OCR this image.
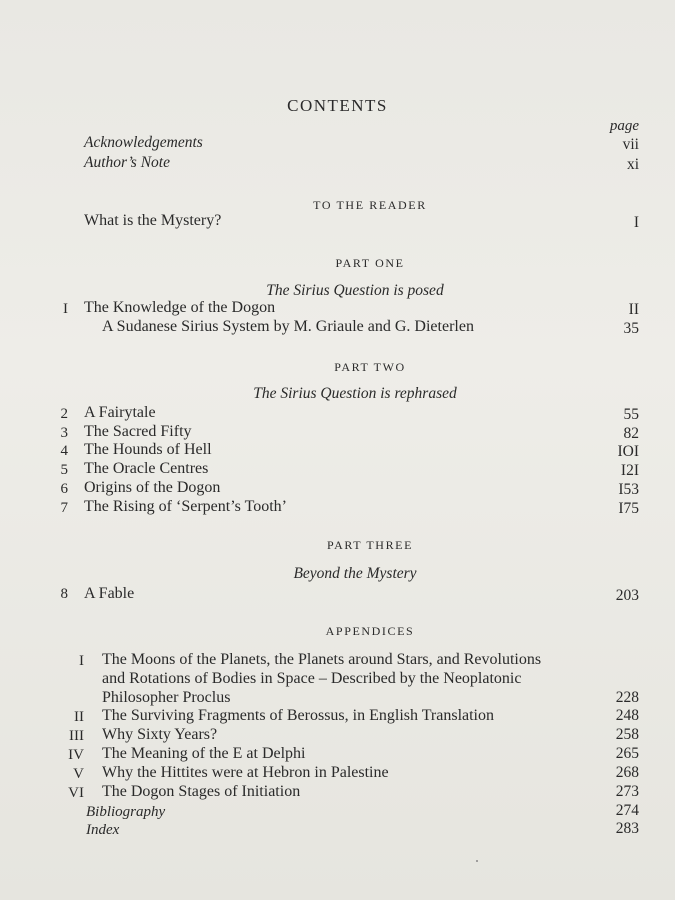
CONTENTS
page
Acknowledgements	vii
Author’s Note	xi
TO THE READER
What is the Mystery?	I
PART ONE
The Sirius Question is posed
I The Knowledge of the Dogon	II
A Sudanese Sirius System by M. Griaule and G. Dieterlen	35
PART TWO
The Sirius Question is rephrased
2 A Fairytale	55
3 The Sacred Fifty	82
4 The Hounds of Hell	IOI
5 The Oracle Centres	I2I
6 Origins of the Dogon	I53
7 The Rising of ‘Serpent’s Tooth’	I75
PART THREE
Beyond the Mystery
8 A Fable	203
APPENDICES
I The Moons of the Planets, the Planets around Stars, and Revolutions
and Rotations of Bodies in Space – Described by the Neoplatonic
Philosopher Proclus	228
II The Surviving Fragments of Berossus, in English Translation	248
III Why Sixty Years?	258
IV The Meaning of the E at Delphi	265
V Why the Hittites were at Hebron in Palestine	268
VI The Dogon Stages of Initiation	273
Bibliography	274
Index	283
